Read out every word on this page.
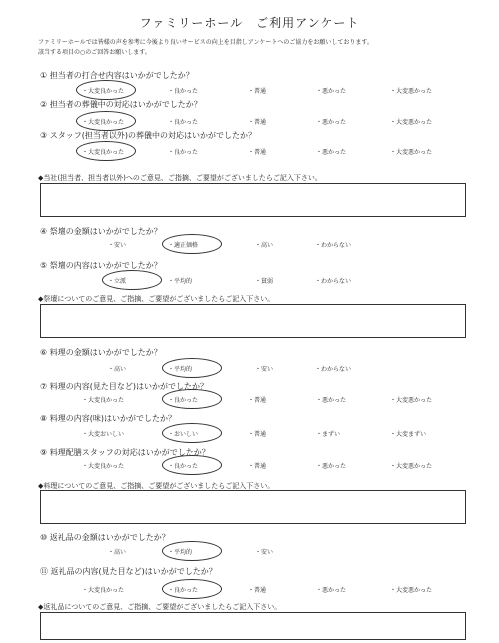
ファミリーホール　ご利用アンケート
ファミリーホールでは皆様の声を参考に今後より良いサービスの向上を目指しアンケートへのご協力をお願いしております。
該当する項目の○のご回答お願いします。
① 担当者の打合せ内容はいかがでしたか？
・ 大変良かった	・ 良かった	・ 普通	・ 悪かった	・ 大変悪かった
② 担当者の葬儀中の対応はいかがでしたか？
・ 大変良かった	・ 良かった	・ 普通	・ 悪かった	・ 大変悪かった
③ スタッフ(担当者以外)の葬儀中の対応はいかがでしたか？
・ 大変良かった	・ 良かった	・ 普通	・ 悪かった	・ 大変悪かった
④ 祭壇の金額はいかがでしたか？
・ 安い	・ 適正価格	・ 高い	・ わからない
⑤ 祭壇の内容はいかがでしたか？
・ 立派	・ 平均的	・ 貧弱	・ わからない
⑥ 料理の金額はいかがでしたか？
・ 高い	・ 平均的	・ 安い	・ わからない
⑦ 料理の内容(見た目など)はいかがでしたか？
・ 大変良かった	・ 良かった	・ 普通	・ 悪かった	・ 大変悪かった
⑧ 料理の内容(味)はいかがでしたか？
・ 大変おいしい	・ おいしい	・ 普通	・ まずい	・ 大変まずい
⑨ 料理配膳スタッフの対応はいかがでしたか？
・ 大変良かった	・ 良かった	・ 普通	・ 悪かった	・ 大変悪かった
⑩ 返礼品の金額はいかがでしたか？
・ 高い	・ 平均的	・ 安い
⑪ 返礼品の内容(見た目など)はいかがでしたか？
・ 大変良かった	・ 良かった	・ 普通	・ 悪かった	・ 大変悪かった
◆当社(担当者、担当者以外)へのご意見、ご指摘、ご要望がございましたらご記入下さい。
◆祭壇についてのご意見、ご指摘、ご要望がございましたらご記入下さい。
◆料理についてのご意見、ご指摘、ご要望がございましたらご記入下さい。
◆返礼品についてのご意見、ご指摘、ご要望がございましたらご記入下さい。
